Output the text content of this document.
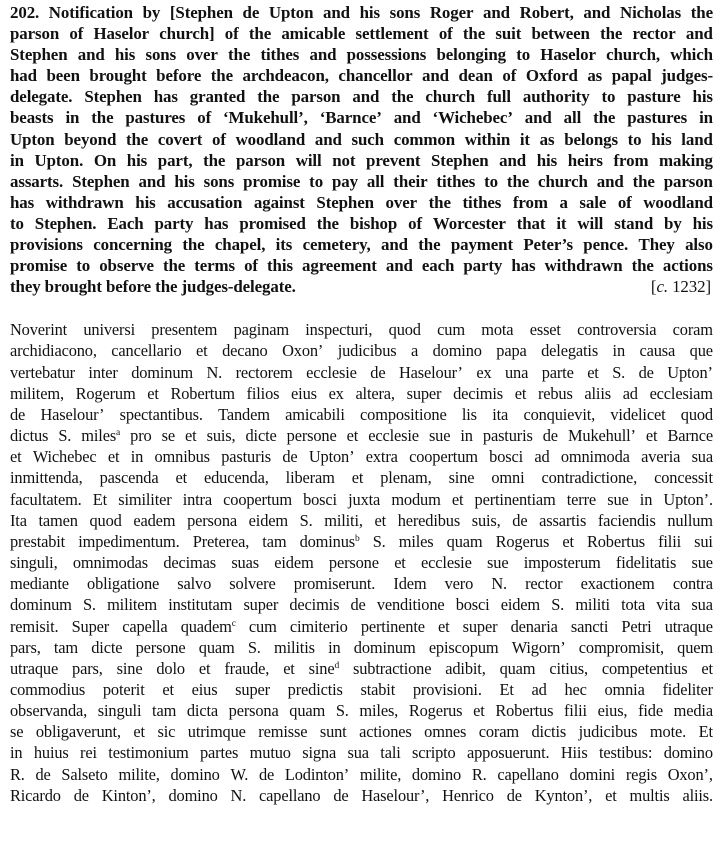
202. Notification by [Stephen de Upton and his sons Roger and Robert, and Nicholas the
parson of Haselor church] of the amicable settlement of the suit between the rector and
Stephen and his sons over the tithes and possessions belonging to Haselor church, which
had been brought before the archdeacon, chancellor and dean of Oxford as papal judges-
delegate. Stephen has granted the parson and the church full authority to pasture his
beasts in the pastures of ‘Mukehull’, ‘Barnce’ and ‘Wichebec’ and all the pastures in
Upton beyond the covert of woodland and such common within it as belongs to his land
in Upton. On his part, the parson will not prevent Stephen and his heirs from making
assarts. Stephen and his sons promise to pay all their tithes to the church and the parson
has withdrawn his accusation against Stephen over the tithes from a sale of woodland
to Stephen. Each party has promised the bishop of Worcester that it will stand by his
provisions concerning the chapel, its cemetery, and the payment Peter’s pence. They also
promise to observe the terms of this agreement and each party has withdrawn the actions
they brought before the judges-delegate.	[c. 1232]
Noverint universi presentem paginam inspecturi, quod cum mota esset controversia coram
archidiacono, cancellario et decano Oxon’ judicibus a domino papa delegatis in causa que
vertebatur inter dominum N. rectorem ecclesie de Haselour’ ex una parte et S. de Upton’
militem, Rogerum et Robertum filios eius ex altera, super decimis et rebus aliis ad ecclesiam
de Haselour’ spectantibus. Tandem amicabili compositione lis ita conquievit, videlicet quod
dictus S. miles$^a$ pro se et suis, dicte persone et ecclesie sue in pasturis de Mukehull’ et Barnce
et Wichebec et in omnibus pasturis de Upton’ extra coopertum bosci ad omnimoda averia sua
inmittenda, pascenda et educenda, liberam et plenam, sine omni contradictione, concessit
facultatem. Et similiter intra coopertum bosci juxta modum et pertinentiam terre sue in Upton’.
Ita tamen quod eadem persona eidem S. militi, et heredibus suis, de assartis faciendis nullum
prestabit impedimentum. Preterea, tam dominus$^b$ S. miles quam Rogerus et Robertus filii sui
singuli, omnimodas decimas suas eidem persone et ecclesie sue imposterum fidelitatis sue
mediante obligatione salvo solvere promiserunt. Idem vero N. rector exactionem contra
dominum S. militem institutam super decimis de venditione bosci eidem S. militi tota vita sua
remisit. Super capella quadem$^c$ cum cimiterio pertinente et super denaria sancti Petri utraque
pars, tam dicte persone quam S. militis in dominum episcopum Wigorn’ compromisit, quem
utraque pars, sine dolo et fraude, et sine$^d$ subtractione adibit, quam citius, competentius et
commodius poterit et eius super predictis stabit provisioni. Et ad hec omnia fideliter
observanda, singuli tam dicta persona quam S. miles, Rogerus et Robertus filii eius, fide media
se obligaverunt, et sic utrimque remisse sunt actiones omnes coram dictis judicibus mote. Et
in huius rei testimonium partes mutuo signa sua tali scripto apposuerunt. Hiis testibus: domino
R. de Salseto milite, domino W. de Lodinton’ milite, domino R. capellano domini regis Oxon’,
Ricardo de Kinton’, domino N. capellano de Haselour’, Henrico de Kynton’, et multis aliis.
